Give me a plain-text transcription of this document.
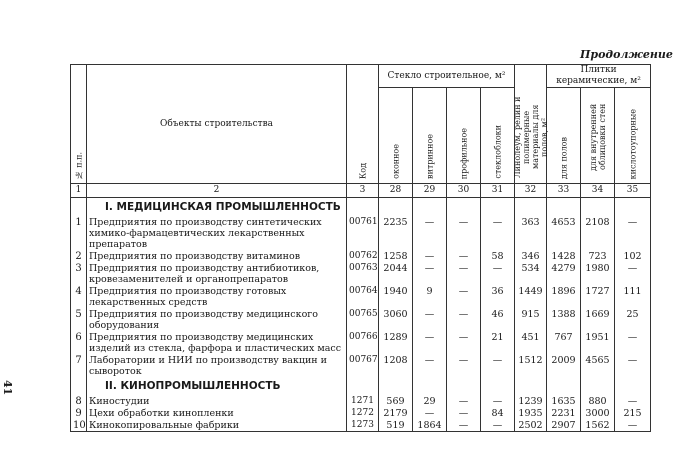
Продолжение
41
№ п.п.	Объекты строительства	Код	Стекло строительное, м²				Линолеум, релин и полимерные материалы для полов, м²	Плитки керамические, м²		

			оконное	витринное	профильное	стеклоблоки		для полов	для внутренней облицовки стен	кислотоупорные

1	2	3	28	29	30	31	32	33	34	35
	I. МЕДИЦИНСКАЯ ПРОМЫШЛЕННОСТЬ									
1	Предприятия по производству синтетических химико-фармацевтических лекарственных препаратов	00761	2235	—	—	—	363	4653	2108	—
2	Предприятия по производству витаминов	00762	1258	—	—	58	346	1428	723	102
3	Предприятия по производству антибиотиков, кровезаменителей и органопрепаратов	00763	2044	—	—	—	534	4279	1980	—
4	Предприятия по производству готовых лекарственных средств	00764	1940	9	—	36	1449	1896	1727	111
5	Предприятия по производству медицинского оборудования	00765	3060	—	—	46	915	1388	1669	25
6	Предприятия по производству медицинских изделий из стекла, фарфора и пластических масс	00766	1289	—	—	21	451	767	1951	—
7	Лаборатории и НИИ по производству вакцин и сывороток	00767	1208	—	—	—	1512	2009	4565	—
	II. КИНОПРОМЫШЛЕННОСТЬ									
8	Киностудии	1271	569	29	—	—	1239	1635	880	—
9	Цехи обработки кинопленки	1272	2179	—	—	84	1935	2231	3000	215
10	Кинокопировальные фабрики	1273	519	1864	—	—	2502	2907	1562	—
